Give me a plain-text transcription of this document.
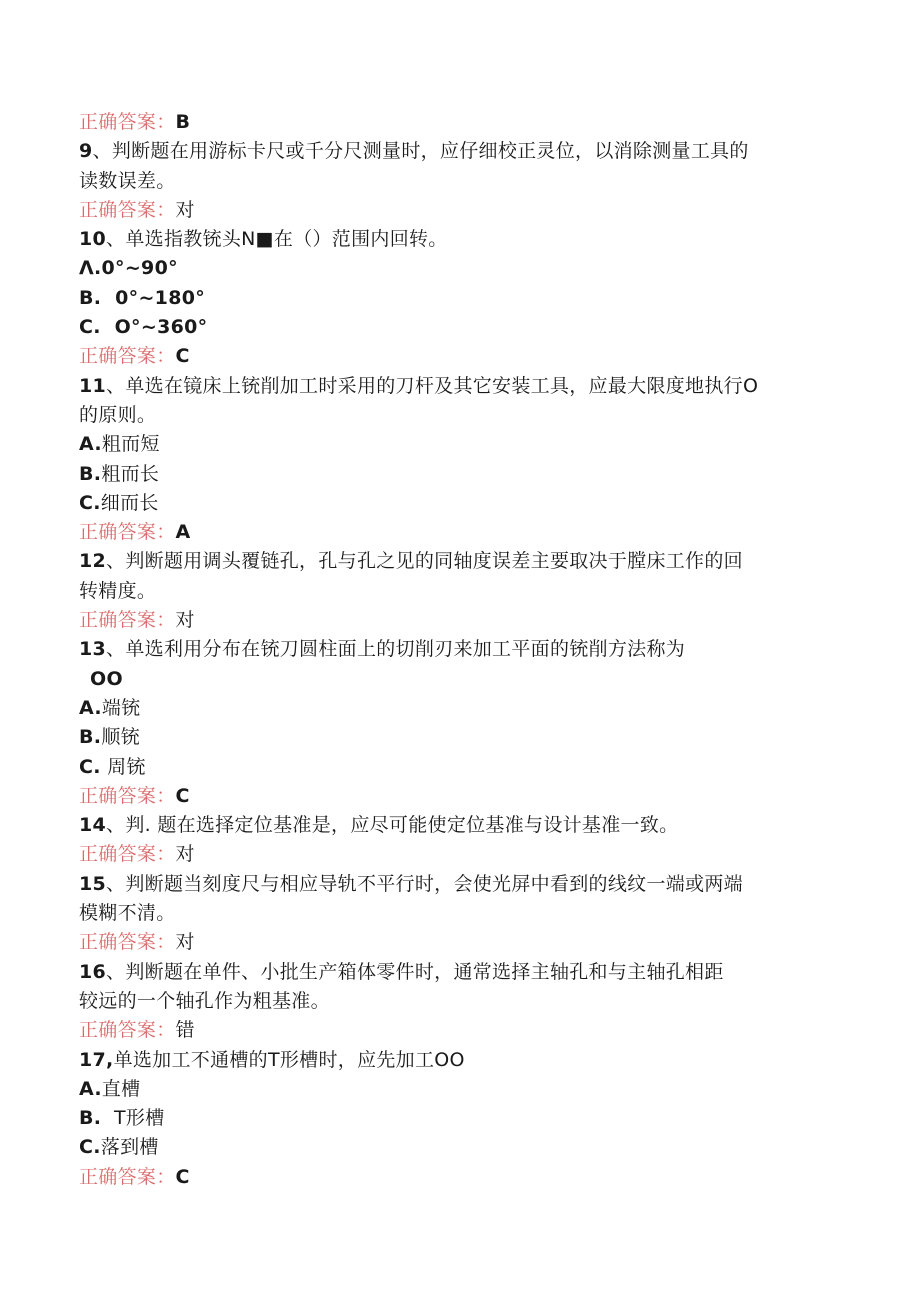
正确答案：B
9、判断题在用游标卡尺或千分尺测量时，应仔细校正灵位，以消除测量工具的
读数误差。
正确答案：对
10、单选指教铳头N■在（）范围内回转。
Λ.0°~90°
B.  0°~180°
C.  O°~360°
正确答案：C
11、单选在镜床上铳削加工时采用的刀杆及其它安装工具，应最大限度地执行O
的原则。
A.粗而短
B.粗而长
C.细而长
正确答案：A
12、判断题用调头覆链孔，孔与孔之见的同轴度误差主要取决于膛床工作的回
转精度。
正确答案：对
13、单选利用分布在铳刀圆柱面上的切削刃来加工平面的铳削方法称为
OO
A.端铳
B.顺铳
C. 周铳
正确答案：C
14、判. 题在选择定位基准是，应尽可能使定位基准与设计基准一致。
正确答案：对
15、判断题当刻度尺与相应导轨不平行时，会使光屏中看到的线纹一端或两端
模糊不清。
正确答案：对
16、判断题在单件、小批生产箱体零件时，通常选择主轴孔和与主轴孔相距
较远的一个轴孔作为粗基准。
正确答案：错
17,单选加工不通槽的T形槽时，应先加工OO
A.直槽
B.  T形槽
C.落到槽
正确答案：C
